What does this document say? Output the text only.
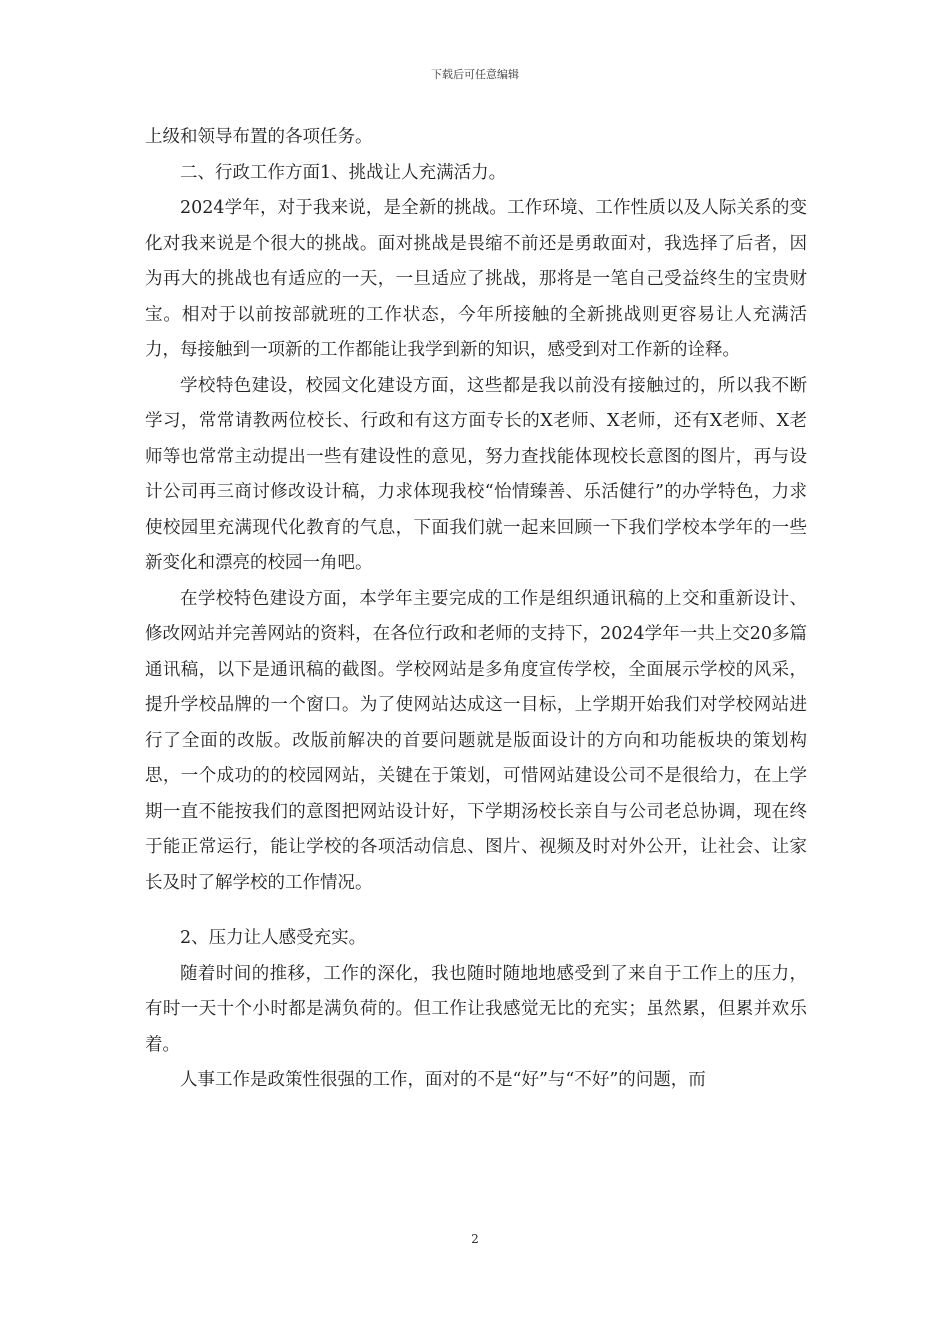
下载后可任意编辑

上级和领导布置的各项任务。

二、行政工作方面1、挑战让人充满活力。

2024学年，对于我来说，是全新的挑战。工作环境、工作性质以及人际关系的变化对我来说是个很大的挑战。面对挑战是畏缩不前还是勇敢面对，我选择了后者，因为再大的挑战也有适应的一天，一旦适应了挑战，那将是一笔自己受益终生的宝贵财宝。相对于以前按部就班的工作状态，今年所接触的全新挑战则更容易让人充满活力，每接触到一项新的工作都能让我学到新的知识，感受到对工作新的诠释。

学校特色建设，校园文化建设方面，这些都是我以前没有接触过的，所以我不断学习，常常请教两位校长、行政和有这方面专长的X老师、X老师，还有X老师、X老师等也常常主动提出一些有建设性的意见，努力查找能体现校长意图的图片，再与设计公司再三商讨修改设计稿，力求体现我校“怡情臻善、乐活健行”的办学特色，力求使校园里充满现代化教育的气息，下面我们就一起来回顾一下我们学校本学年的一些新变化和漂亮的校园一角吧。

在学校特色建设方面，本学年主要完成的工作是组织通讯稿的上交和重新设计、修改网站并完善网站的资料，在各位行政和老师的支持下，2024学年一共上交20多篇通讯稿，以下是通讯稿的截图。学校网站是多角度宣传学校，全面展示学校的风采，提升学校品牌的一个窗口。为了使网站达成这一目标，上学期开始我们对学校网站进行了全面的改版。改版前解决的首要问题就是版面设计的方向和功能板块的策划构思，一个成功的的校园网站，关键在于策划，可惜网站建设公司不是很给力，在上学期一直不能按我们的意图把网站设计好，下学期汤校长亲自与公司老总协调，现在终于能正常运行，能让学校的各项活动信息、图片、视频及时对外公开，让社会、让家长及时了解学校的工作情况。

2、压力让人感受充实。

随着时间的推移，工作的深化，我也随时随地地感受到了来自于工作上的压力，有时一天十个小时都是满负荷的。但工作让我感觉无比的充实；虽然累，但累并欢乐着。

人事工作是政策性很强的工作，面对的不是“好”与“不好”的问题，而

2
